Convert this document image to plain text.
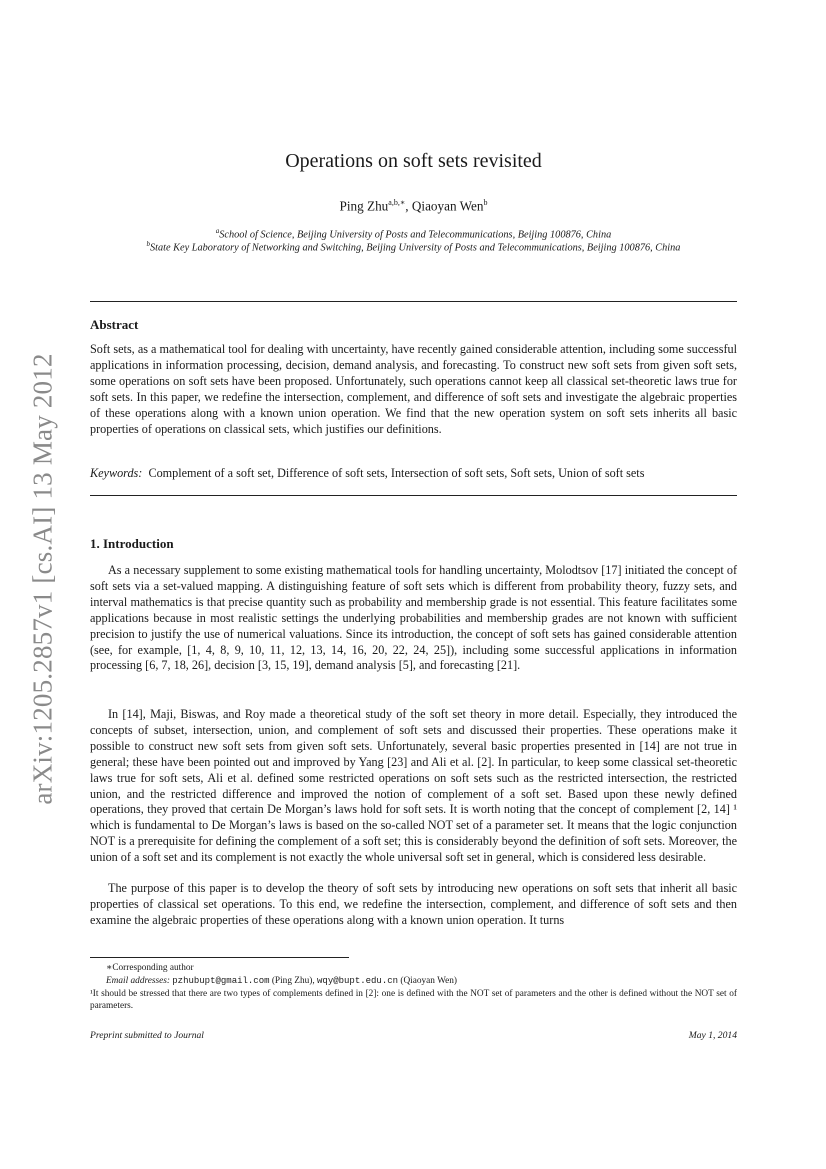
arXiv:1205.2857v1 [cs.AI] 13 May 2012
Operations on soft sets revisited
Ping Zhu$^{a,b,∗}$, Qiaoyan Wen$^b$
$^a$School of Science, Beijing University of Posts and Telecommunications, Beijing 100876, China
$^b$State Key Laboratory of Networking and Switching, Beijing University of Posts and Telecommunications, Beijing 100876, China
Abstract

Soft sets, as a mathematical tool for dealing with uncertainty, have recently gained considerable attention, including some successful applications in information processing, decision, demand analysis, and forecasting. To construct new soft sets from given soft sets, some operations on soft sets have been proposed. Unfortunately, such operations cannot keep all classical set-theoretic laws true for soft sets. In this paper, we redefine the intersection, complement, and difference of soft sets and investigate the algebraic properties of these operations along with a known union operation. We find that the new operation system on soft sets inherits all basic properties of operations on classical sets, which justifies our definitions.

Keywords: Complement of a soft set, Difference of soft sets, Intersection of soft sets, Soft sets, Union of soft sets
1. Introduction

As a necessary supplement to some existing mathematical tools for handling uncertainty, Molodtsov [17] initiated the concept of soft sets via a set-valued mapping. A distinguishing feature of soft sets which is different from probability theory, fuzzy sets, and interval mathematics is that precise quantity such as probability and membership grade is not essential. This feature facilitates some applications because in most realistic settings the underlying probabilities and membership grades are not known with sufficient precision to justify the use of numerical valuations. Since its introduction, the concept of soft sets has gained considerable attention (see, for example, [1, 4, 8, 9, 10, 11, 12, 13, 14, 16, 20, 22, 24, 25]), including some successful applications in information processing [6, 7, 18, 26], decision [3, 15, 19], demand analysis [5], and forecasting [21].

In [14], Maji, Biswas, and Roy made a theoretical study of the soft set theory in more detail. Especially, they introduced the concepts of subset, intersection, union, and complement of soft sets and discussed their properties. These operations make it possible to construct new soft sets from given soft sets. Unfortunately, several basic properties presented in [14] are not true in general; these have been pointed out and improved by Yang [23] and Ali et al. [2]. In particular, to keep some classical set-theoretic laws true for soft sets, Ali et al. defined some restricted operations on soft sets such as the restricted intersection, the restricted union, and the restricted difference and improved the notion of complement of a soft set. Based upon these newly defined operations, they proved that certain De Morgan’s laws hold for soft sets. It is worth noting that the concept of complement [2, 14] ¹ which is fundamental to De Morgan’s laws is based on the so-called NOT set of a parameter set. It means that the logic conjunction NOT is a prerequisite for defining the complement of a soft set; this is considerably beyond the definition of soft sets. Moreover, the union of a soft set and its complement is not exactly the whole universal soft set in general, which is considered less desirable.

The purpose of this paper is to develop the theory of soft sets by introducing new operations on soft sets that inherit all basic properties of classical set operations. To this end, we redefine the intersection, complement, and difference of soft sets and then examine the algebraic properties of these operations along with a known union operation. It turns

∗Corresponding author
Email addresses: pzhubupt@gmail.com (Ping Zhu), wqy@bupt.edu.cn (Qiaoyan Wen)
¹It should be stressed that there are two types of complements defined in [2]: one is defined with the NOT set of parameters and the other is defined without the NOT set of parameters.
Preprint submitted to Journal	May 1, 2014
